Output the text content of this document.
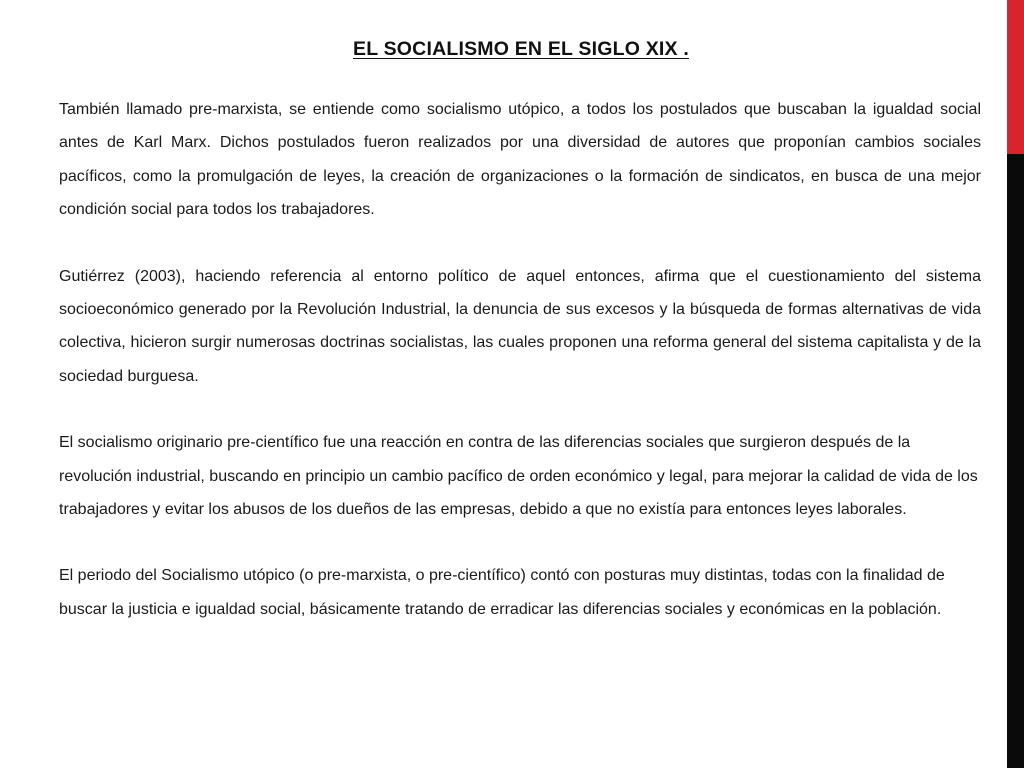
EL SOCIALISMO EN EL SIGLO XIX .

También llamado pre-marxista, se entiende como socialismo utópico, a todos los postulados que buscaban la igualdad social antes de Karl Marx. Dichos postulados fueron realizados por una diversidad de autores que proponían cambios sociales pacíficos, como la promulgación de leyes, la creación de organizaciones o la formación de sindicatos, en busca de una mejor condición social para todos los trabajadores.

Gutiérrez (2003), haciendo referencia al entorno político de aquel entonces, afirma que el cuestionamiento del sistema socioeconómico generado por la Revolución Industrial, la denuncia de sus excesos y la búsqueda de formas alternativas de vida colectiva, hicieron surgir numerosas doctrinas socialistas, las cuales proponen una reforma general del sistema capitalista y de la sociedad burguesa.

El socialismo originario pre-científico fue una reacción en contra de las diferencias sociales que surgieron después de la revolución industrial, buscando en principio un cambio pacífico de orden económico y legal, para mejorar la calidad de vida de los trabajadores y evitar los abusos de los dueños de las empresas, debido a que no existía para entonces leyes laborales.

El periodo del Socialismo utópico (o pre-marxista, o pre-científico) contó con posturas muy distintas, todas con la finalidad de buscar la justicia e igualdad social, básicamente tratando de erradicar las diferencias sociales y económicas en la población.
